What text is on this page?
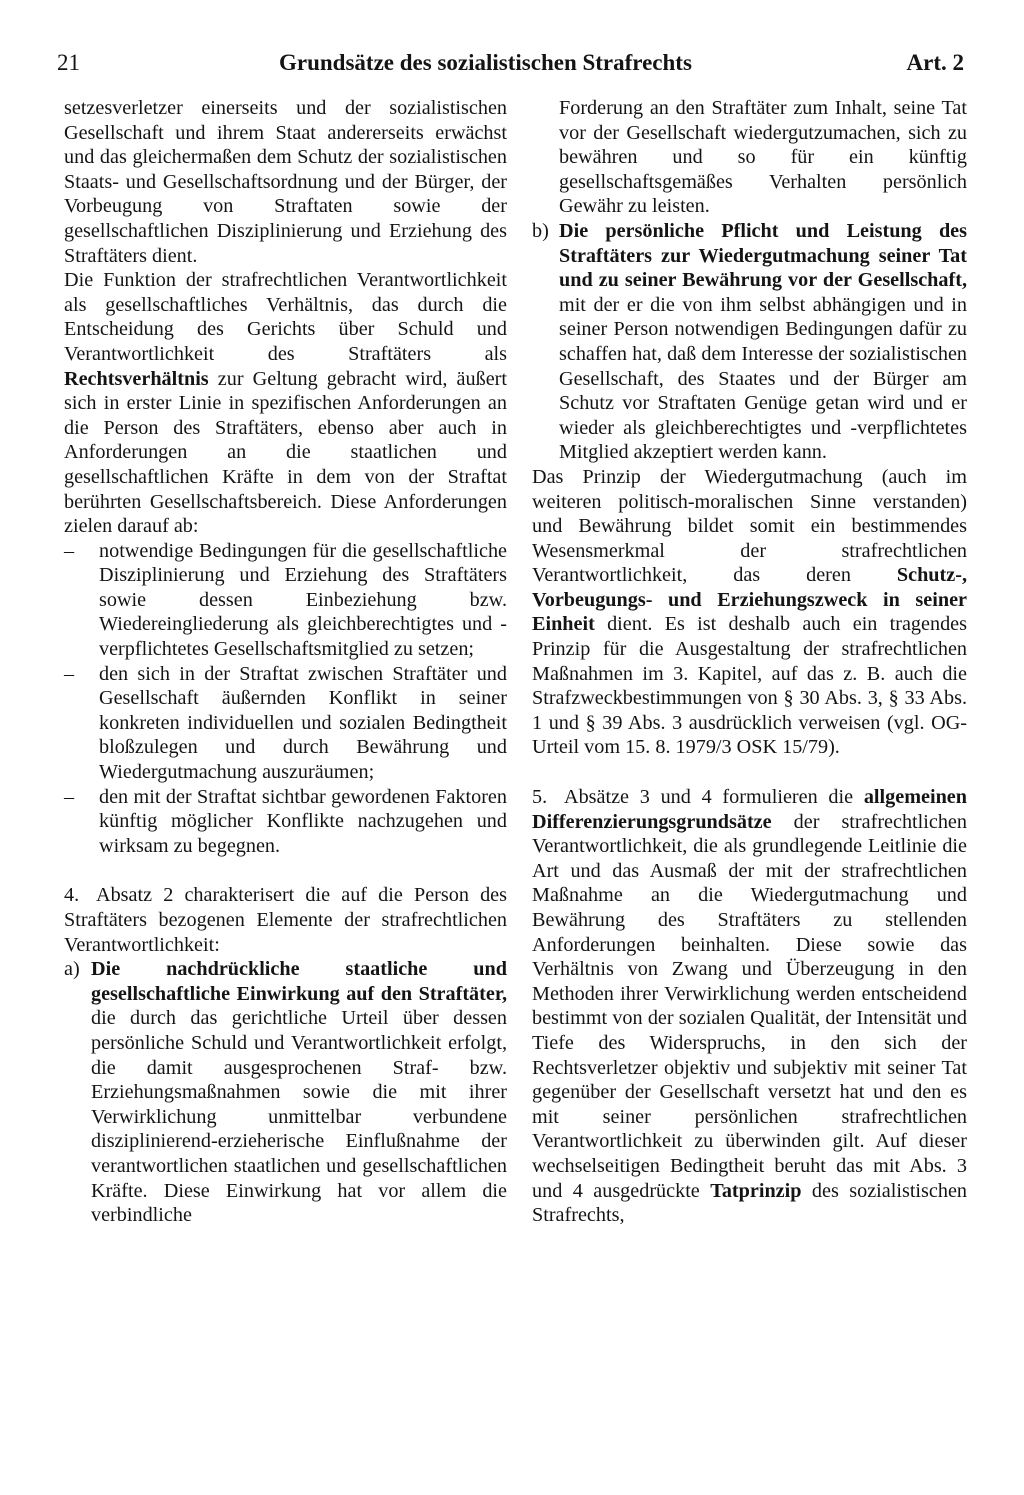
21	Grundsätze des sozialistischen Strafrechts	Art. 2

setzesverletzer einerseits und der sozialistischen Gesellschaft und ihrem Staat andererseits erwächst und das gleichermaßen dem Schutz der sozialistischen Staats- und Gesellschaftsordnung und der Bürger, der Vorbeugung von Straftaten sowie der gesellschaftlichen Disziplinierung und Erziehung des Straftäters dient.

Die Funktion der strafrechtlichen Verantwortlichkeit als gesellschaftliches Verhältnis, das durch die Entscheidung des Gerichts über Schuld und Verantwortlichkeit des Straftäters als Rechtsverhältnis zur Geltung gebracht wird, äußert sich in erster Linie in spezifischen Anforderungen an die Person des Straftäters, ebenso aber auch in Anforderungen an die staatlichen und gesellschaftlichen Kräfte in dem von der Straftat berührten Gesellschaftsbereich. Diese Anforderungen zielen darauf ab:

– notwendige Bedingungen für die gesellschaftliche Disziplinierung und Erziehung des Straftäters sowie dessen Einbeziehung bzw. Wiedereingliederung als gleichberechtigtes und -verpflichtetes Gesellschaftsmitglied zu setzen;
– den sich in der Straftat zwischen Straftäter und Gesellschaft äußernden Konflikt in seiner konkreten individuellen und sozialen Bedingtheit bloßzulegen und durch Bewährung und Wiedergutmachung auszuräumen;
– den mit der Straftat sichtbar gewordenen Faktoren künftig möglicher Konflikte nachzugehen und wirksam zu begegnen.

4. Absatz 2 charakterisert die auf die Person des Straftäters bezogenen Elemente der strafrechtlichen Verantwortlichkeit:

a) Die nachdrückliche staatliche und gesellschaftliche Einwirkung auf den Straftäter, die durch das gerichtliche Urteil über dessen persönliche Schuld und Verantwortlichkeit erfolgt, die damit ausgesprochenen Straf- bzw. Erziehungsmaßnahmen sowie die mit ihrer Verwirklichung unmittelbar verbundene disziplinierend-erzieherische Einflußnahme der verantwortlichen staatlichen und gesellschaftlichen Kräfte. Diese Einwirkung hat vor allem die verbindliche
Forderung an den Straftäter zum Inhalt, seine Tat vor der Gesellschaft wiedergutzumachen, sich zu bewähren und so für ein künftig gesellschaftsgemäßes Verhalten persönlich Gewähr zu leisten.
b) Die persönliche Pflicht und Leistung des Straftäters zur Wiedergutmachung seiner Tat und zu seiner Bewährung vor der Gesellschaft, mit der er die von ihm selbst abhängigen und in seiner Person notwendigen Bedingungen dafür zu schaffen hat, daß dem Interesse der sozialistischen Gesellschaft, des Staates und der Bürger am Schutz vor Straftaten Genüge getan wird und er wieder als gleichberechtigtes und -verpflichtetes Mitglied akzeptiert werden kann.

Das Prinzip der Wiedergutmachung (auch im weiteren politisch-moralischen Sinne verstanden) und Bewährung bildet somit ein bestimmendes Wesensmerkmal der strafrechtlichen Verantwortlichkeit, das deren Schutz-, Vorbeugungs- und Erziehungszweck in seiner Einheit dient. Es ist deshalb auch ein tragendes Prinzip für die Ausgestaltung der strafrechtlichen Maßnahmen im 3. Kapitel, auf das z. B. auch die Strafzweckbestimmungen von § 30 Abs. 3, § 33 Abs. 1 und § 39 Abs. 3 ausdrücklich verweisen (vgl. OG-Urteil vom 15. 8. 1979/3 OSK 15/79).

5. Absätze 3 und 4 formulieren die allgemeinen Differenzierungsgrundsätze der strafrechtlichen Verantwortlichkeit, die als grundlegende Leitlinie die Art und das Ausmaß der mit der strafrechtlichen Maßnahme an die Wiedergutmachung und Bewährung des Straftäters zu stellenden Anforderungen beinhalten. Diese sowie das Verhältnis von Zwang und Überzeugung in den Methoden ihrer Verwirklichung werden entscheidend bestimmt von der sozialen Qualität, der Intensität und Tiefe des Widerspruchs, in den sich der Rechtsverletzer objektiv und subjektiv mit seiner Tat gegenüber der Gesellschaft versetzt hat und den es mit seiner persönlichen strafrechtlichen Verantwortlichkeit zu überwinden gilt. Auf dieser wechselseitigen Bedingtheit beruht das mit Abs. 3 und 4 ausgedrückte Tatprinzip des sozialistischen Strafrechts,
